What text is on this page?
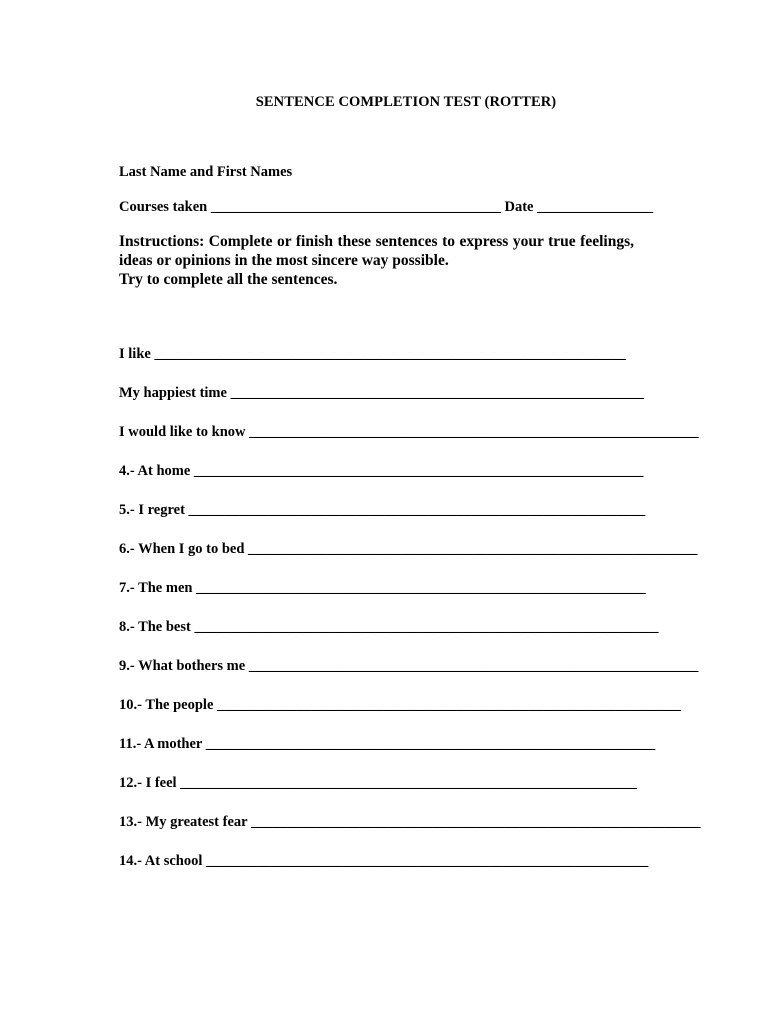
SENTENCE COMPLETION TEST (ROTTER)
Last Name and First Names
Courses taken ________________________________________ Date ________________
Instructions: Complete or finish these sentences to express your true feelings, ideas or opinions in the most sincere way possible.
Try to complete all the sentences.
I like _________________________________________________________________
My happiest time _________________________________________________________
I would like to know ______________________________________________________________
4.- At home ______________________________________________________________
5.- I regret _______________________________________________________________
6.- When I go to bed ______________________________________________________________
7.- The men ______________________________________________________________
8.- The best ________________________________________________________________
9.- What bothers me ______________________________________________________________
10.- The people ________________________________________________________________
11.- A mother ______________________________________________________________
12.- I feel _______________________________________________________________
13.- My greatest fear ______________________________________________________________
14.- At school _____________________________________________________________
